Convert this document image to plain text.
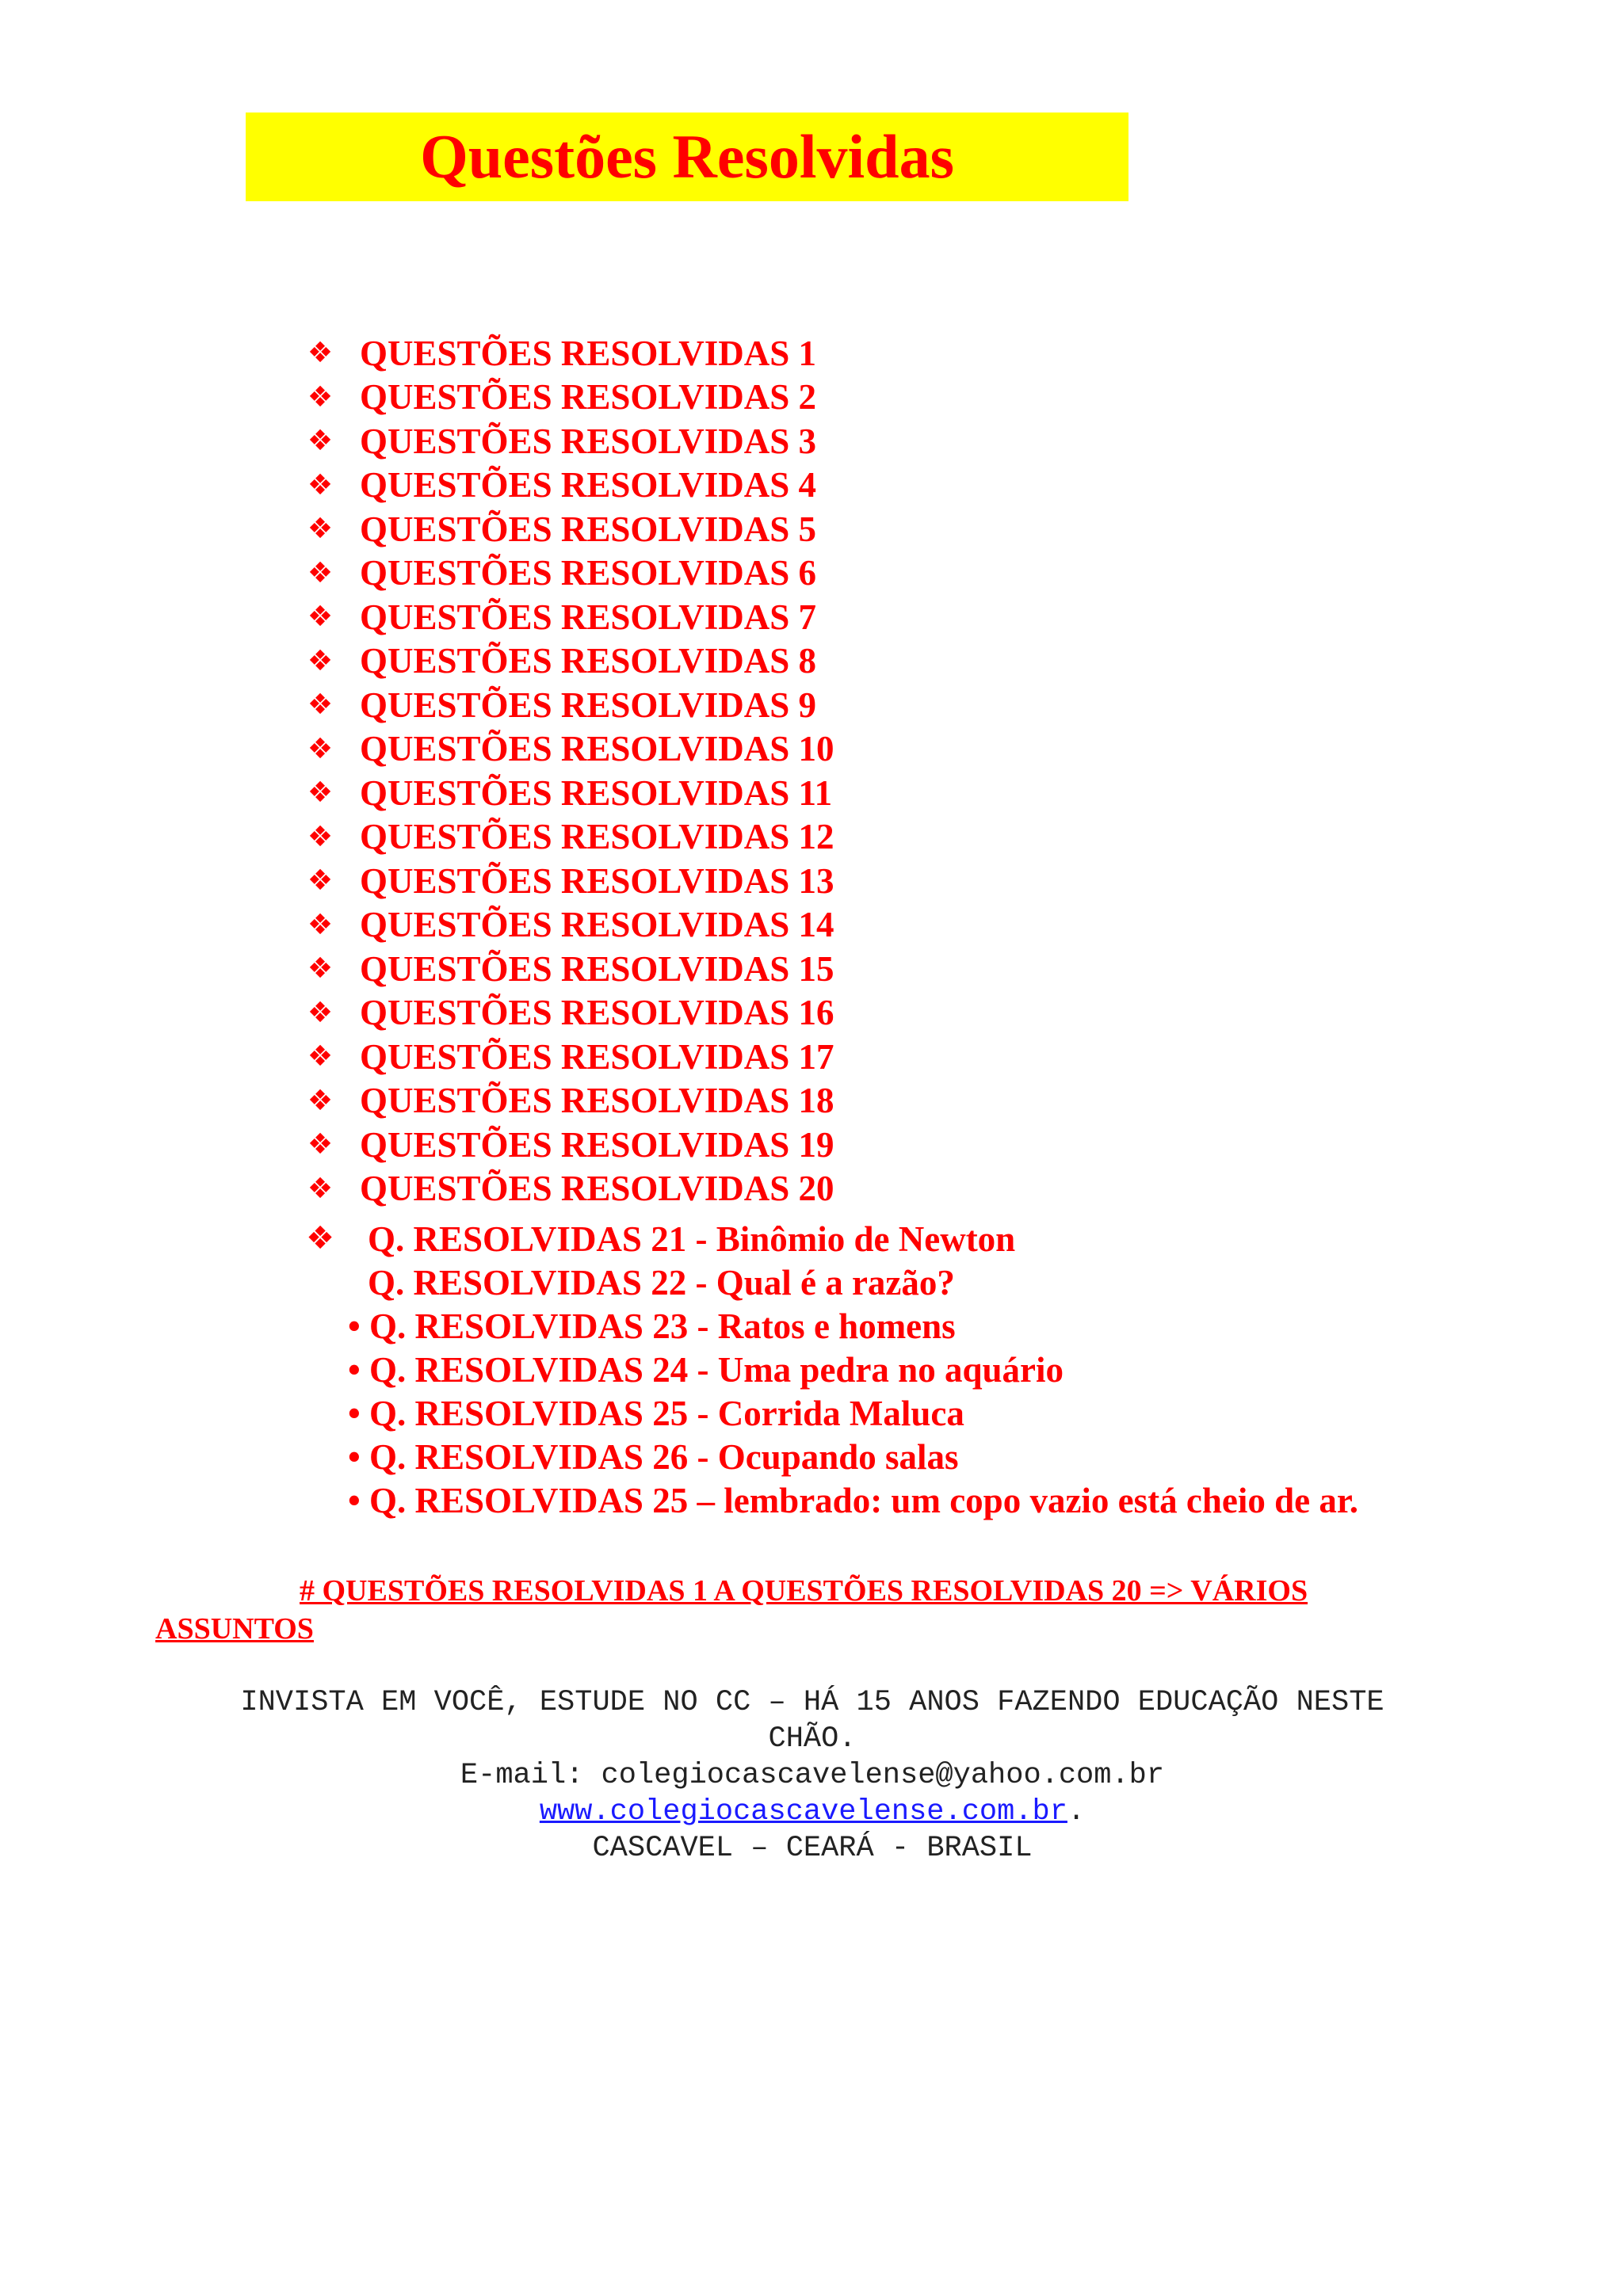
Questões Resolvidas
❖ QUESTÕES RESOLVIDAS 1
❖ QUESTÕES RESOLVIDAS 2
❖ QUESTÕES RESOLVIDAS 3
❖ QUESTÕES RESOLVIDAS 4
❖ QUESTÕES RESOLVIDAS 5
❖ QUESTÕES RESOLVIDAS 6
❖ QUESTÕES RESOLVIDAS 7
❖ QUESTÕES RESOLVIDAS 8
❖ QUESTÕES RESOLVIDAS 9
❖ QUESTÕES RESOLVIDAS 10
❖ QUESTÕES RESOLVIDAS 11
❖ QUESTÕES RESOLVIDAS 12
❖ QUESTÕES RESOLVIDAS 13
❖ QUESTÕES RESOLVIDAS 14
❖ QUESTÕES RESOLVIDAS 15
❖ QUESTÕES RESOLVIDAS 16
❖ QUESTÕES RESOLVIDAS 17
❖ QUESTÕES RESOLVIDAS 18
❖ QUESTÕES RESOLVIDAS 19
❖ QUESTÕES RESOLVIDAS 20
❖ Q. RESOLVIDAS 21 - Binômio de Newton
Q. RESOLVIDAS 22 - Qual é a razão?
• Q. RESOLVIDAS 23 - Ratos e homens
• Q. RESOLVIDAS 24 - Uma pedra no aquário
• Q. RESOLVIDAS 25 - Corrida Maluca
• Q. RESOLVIDAS 26 - Ocupando salas
• Q. RESOLVIDAS 25 – lembrado: um copo vazio está cheio de ar.
# QUESTÕES RESOLVIDAS 1 A QUESTÕES RESOLVIDAS 20 => VÁRIOS
ASSUNTOS
INVISTA EM VOCÊ, ESTUDE NO CC – HÁ 15 ANOS FAZENDO EDUCAÇÃO NESTE
CHÃO.
E-mail: colegiocascavelense@yahoo.com.br
www.colegiocascavelense.com.br.
CASCAVEL – CEARÁ - BRASIL
